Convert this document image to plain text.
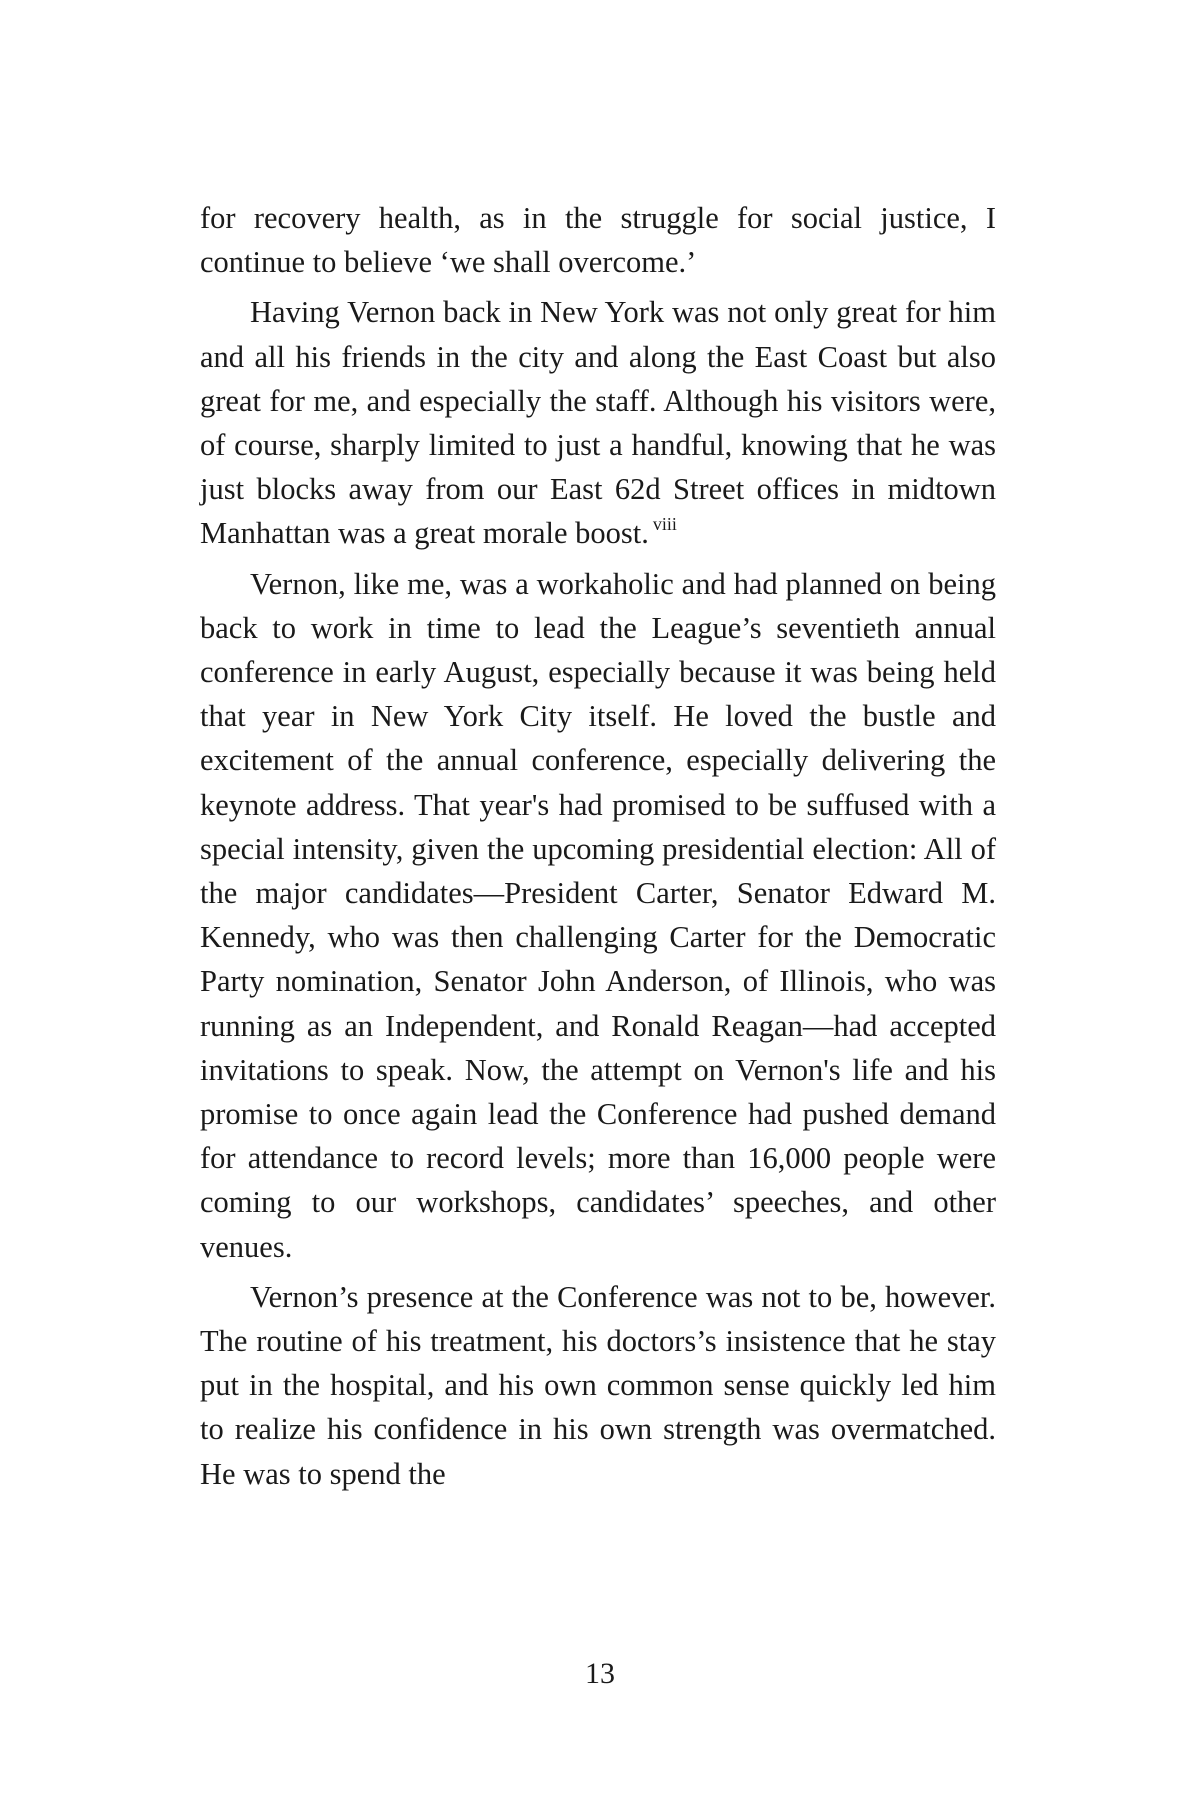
for recovery health, as in the struggle for social justice, I continue to believe ‘we shall overcome.’

Having Vernon back in New York was not only great for him and all his friends in the city and along the East Coast but also great for me, and especially the staff. Although his visitors were, of course, sharply limited to just a handful, knowing that he was just blocks away from our East 62d Street offices in midtown Manhattan was a great morale boost. $^{viii}$

Vernon, like me, was a workaholic and had planned on being back to work in time to lead the League’s seventieth annual conference in early August, especially because it was being held that year in New York City itself. He loved the bustle and excitement of the annual conference, especially delivering the keynote address. That year's had promised to be suffused with a special intensity, given the upcoming presidential election: All of the major candidates—President Carter, Senator Edward M. Kennedy, who was then challenging Carter for the Democratic Party nomination, Senator John Anderson, of Illinois, who was running as an Independent, and Ronald Reagan—had accepted invitations to speak. Now, the attempt on Vernon's life and his promise to once again lead the Conference had pushed demand for attendance to record levels; more than 16,000 people were coming to our workshops, candidates’ speeches, and other venues.

Vernon’s presence at the Conference was not to be, however. The routine of his treatment, his doctors’s insistence that he stay put in the hospital, and his own common sense quickly led him to realize his confidence in his own strength was overmatched. He was to spend the

13
